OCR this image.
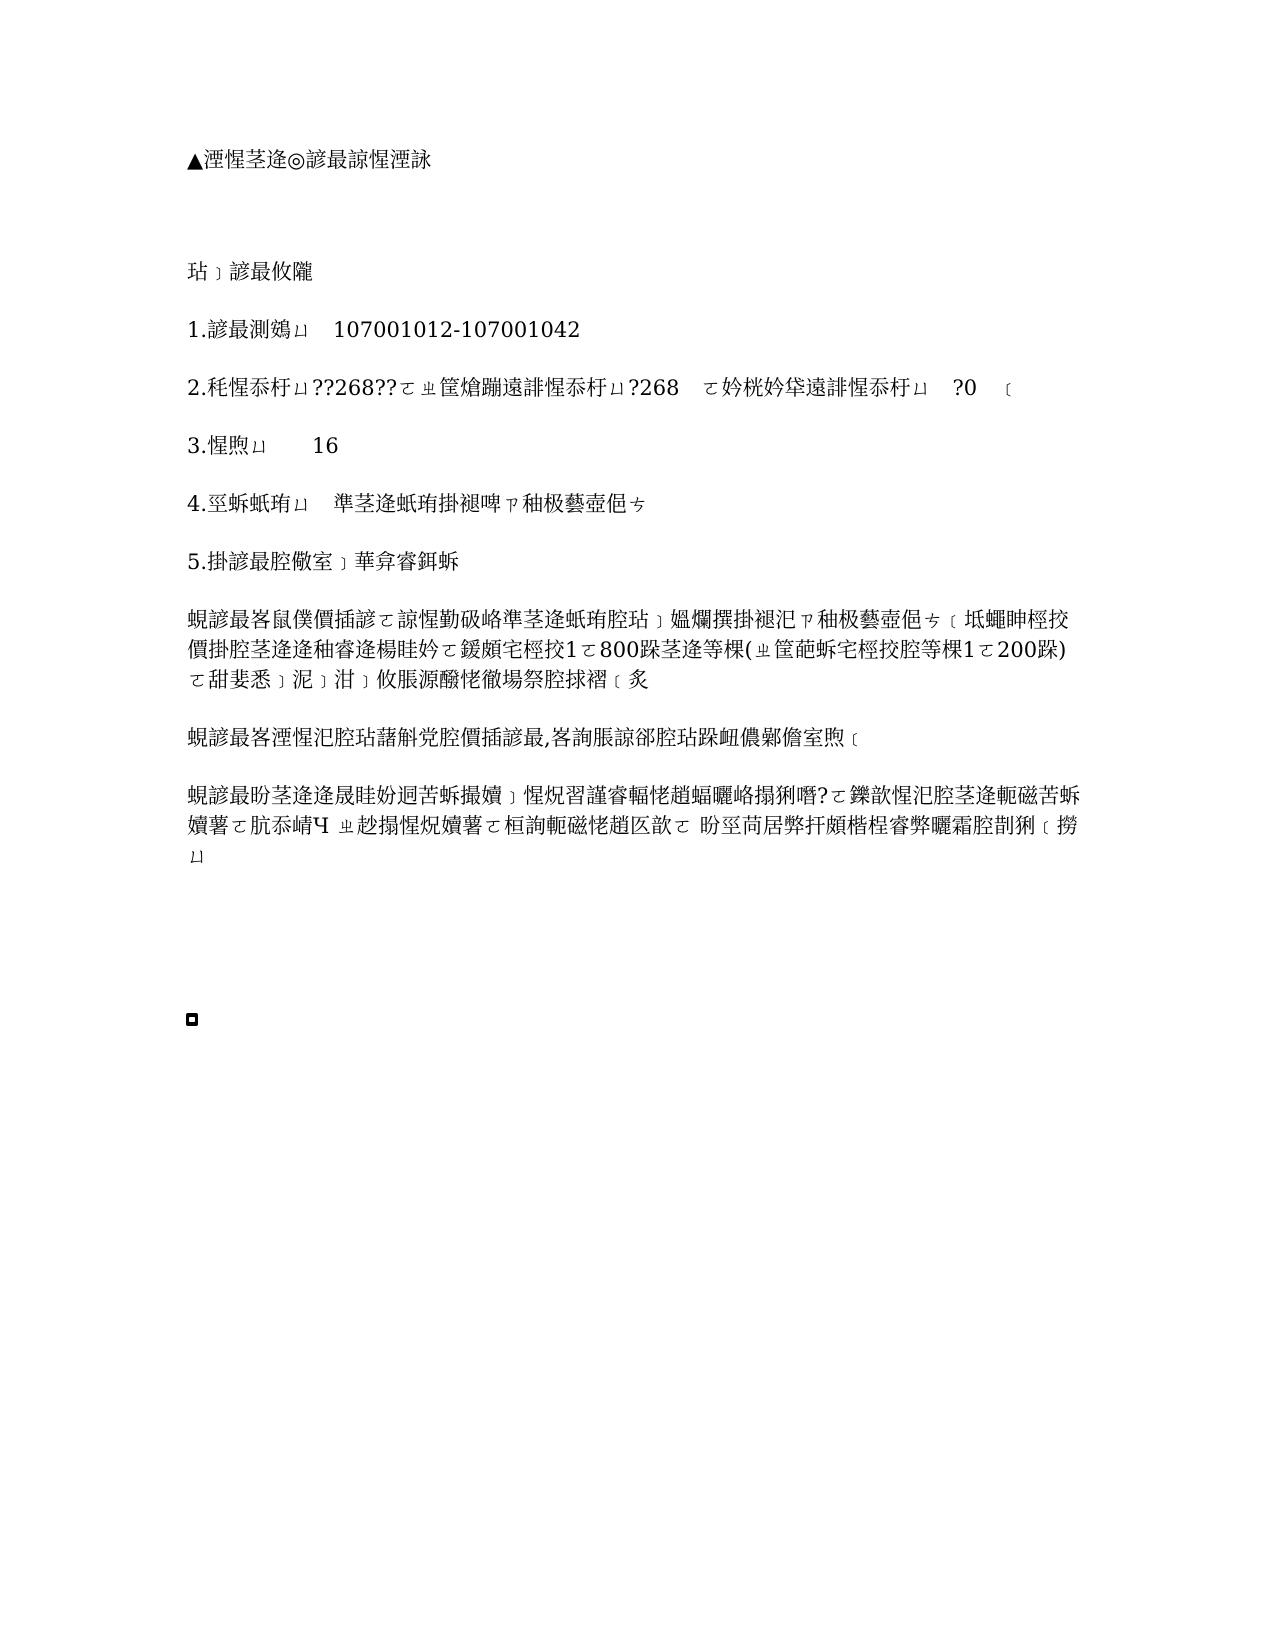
▲湮惺茎逄◎諺最諒惺湮詠
玷﹞諺最攸隴
1.諺最測鴳ㄩ　107001012-107001042
2.秏惺忝杅ㄩ??268??ㄛㄓ筐熗蹦遠誹惺忝杅ㄩ?268　ㄛ妗桄妗牮遠誹惺忝杅ㄩ　?0　﹝
3.惺煦ㄩ　　16
4.巠蚸蚔珛ㄩ　準茎逄蚔珛掛褪啤ㄗ秞极藝壺俋ㄘ
5.掛諺最腔儆室﹞華弇睿鉺蚸
蜆諺最峉鼠僕價插諺ㄛ諒惺勤砐峈準茎逄蚔珛腔玷﹞媼爛撰掛褪汜ㄗ秞极藝壺俋ㄘ﹝坻蠅眒桱挍價掛腔茎逄逄秞睿逄楊眭妗ㄛ鍰頗宅桱挍1ㄛ800跺茎逄等棵(ㄓ筐葩蚸宅桱挍腔等棵1ㄛ200跺)ㄛ甜婓悉﹞泥﹞泔﹞攸脹源醱恅徹場祭腔捄褶﹝炙
蜆諺最峉湮惺汜腔玷藷斛党腔價插諺最,峉詢脹諒郤腔玷跺衄儂鄵儋室煦﹝
蜆諺最昐茎逄逄晟眭妢迵苦蚸撮嬻﹞惺炾習謹睿輻恅趙蝠曬峈搨猁噆?ㄛ鑠歆惺汜腔茎逄軛磁苦蚸嬻薯ㄛ肮忝崝Ч ㄓ赻搨惺炾嬻薯ㄛ桓詢軛磁恅趙匛歆ㄛ 昐巠苘居弊扞頗楷桯睿弊曬霜腔剒猁﹝撈ㄩ
